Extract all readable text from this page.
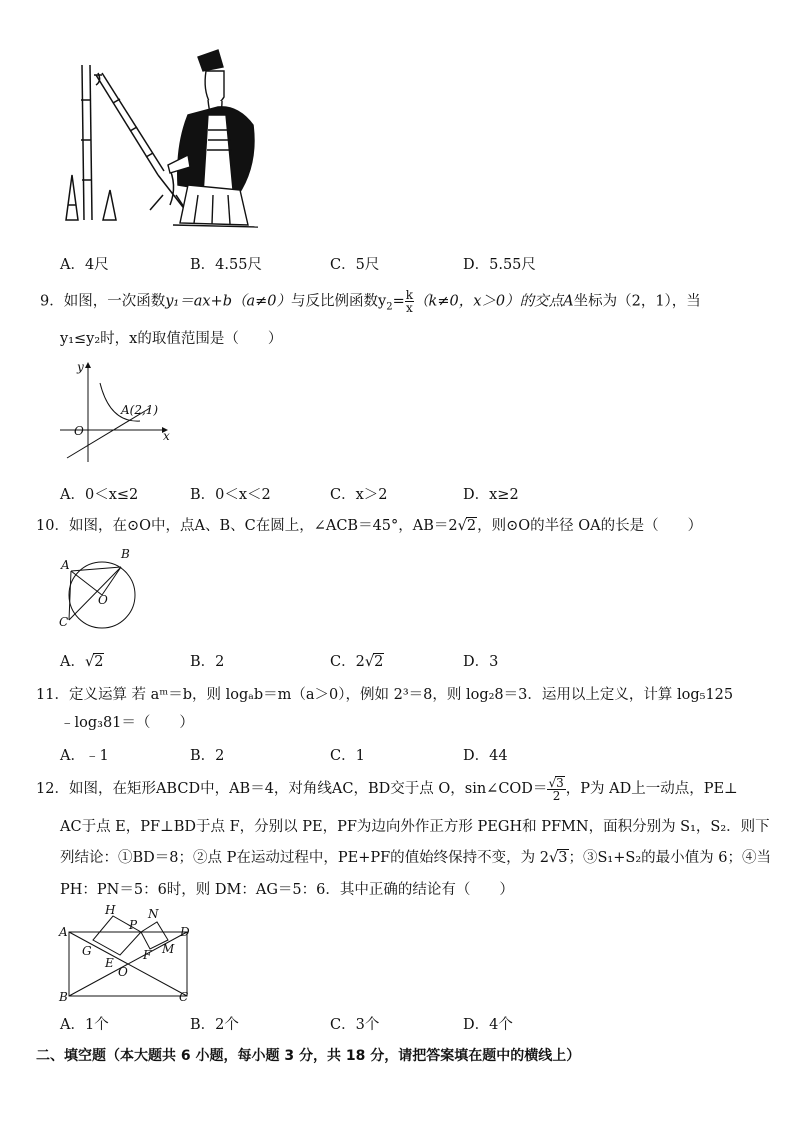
A．4尺	B．4.55尺	C．5尺	D．5.55尺
9．如图，一次函数y₁＝ax+b（a≠0）与反比例函数$y_2= \frac{k}{x} (k\ne 0$，x＞0）的交点A坐标为（2，1），当
y₁≤y₂时，x的取值范围是（　　）
y
x
O
A(2,1)
A．0＜x≤2	B．0＜x＜2	C．x＞2	D．x≥2
10．如图，在⊙O中，点A、B、C在圆上，∠ACB＝45°，AB＝2√2，则⊙O的半径 OA的长是（　　）
A
B
C
O
A．√2	B．2	C．2√2	D．3
11．定义运算 若 aᵐ＝b，则 logₐb＝m（a＞0），例如 2³＝8，则 log₂8＝3．运用以上定义，计算 log₅125
﹣log₃81＝（　　）
A．﹣1	B．2	C．1	D．44
12．如图，在矩形ABCD中，AB＝4，对角线AC，BD交于点 O，sin∠COD＝ $\frac{√3}{2}$ ，P为 AD上一动点，PE⊥
AC于点 E，PF⊥BD于点 F，分别以 PE，PF为边向外作正方形 PEGH和 PFMN，面积分别为 S₁，S₂．则下
列结论：①BD＝8；②点 P在运动过程中，PE+PF的值始终保持不变，为 2√3；③S₁+S₂的最小值为 6；④当
PH：PN＝5：6时，则 DM：AG＝5：6．其中正确的结论有（　　）
A
B	C
D
H
P
N
G	M
E
F
O
A．1个	B．2个	C．3个	D．4个
二、填空题（本大题共 6 小题，每小题 3 分，共 18 分，请把答案填在题中的横线上）
